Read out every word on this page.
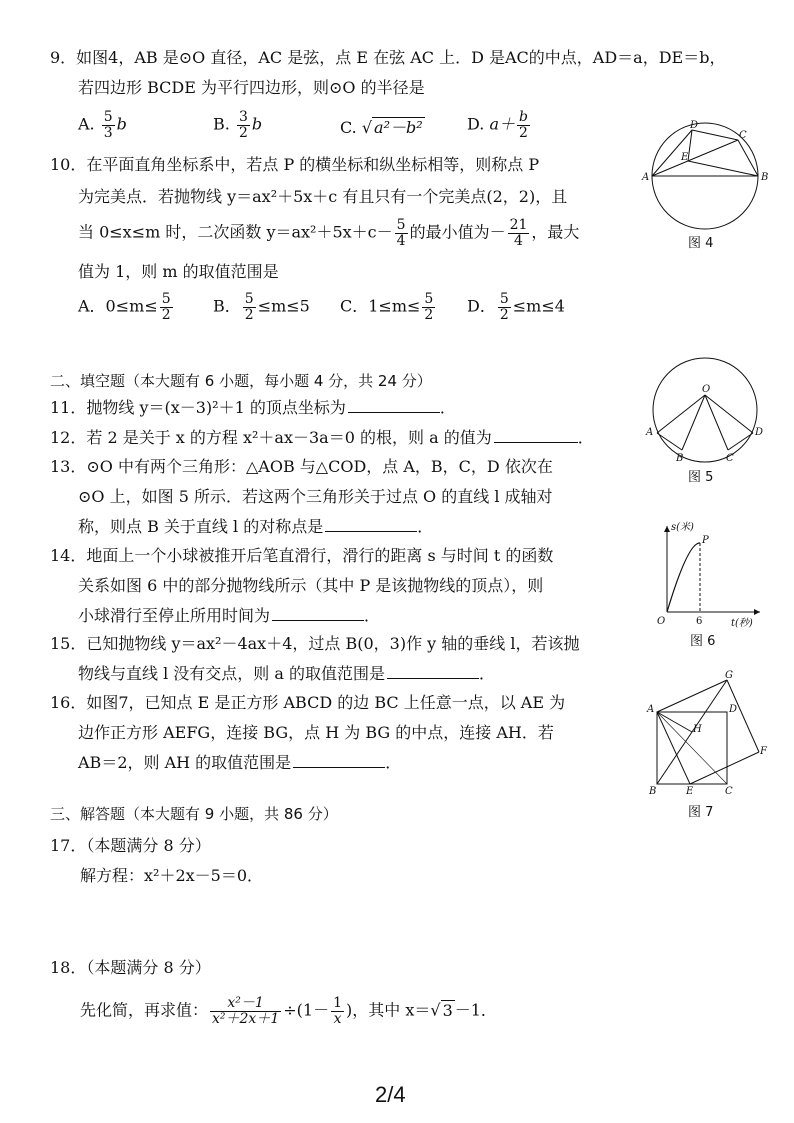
9．如图4，AB 是⊙O 直径，AC 是弦，点 E 在弦 AC 上．D 是AC的中点，AD＝a，DE＝b，
若四边形 BCDE 为平行四边形，则⊙O 的半径是
A. $\frac{5}{3}$ b	B. $\frac{3}{2}$ b	C. √ a²－b²	D. $a+ \frac{b}{2}$
10．在平面直角坐标系中，若点 P 的横坐标和纵坐标相等，则称点 P
为完美点．若抛物线 y＝ax²＋5x＋c 有且只有一个完美点(2，2)，且
当 0≤x≤m 时，二次函数 $y=ax^2+5x+c- \frac{5}{4}$ 的最小值为－ $\frac{21}{4}$ ，最大
值为 1，则 m 的取值范围是
A．$0\le m\le \frac{5}{2}$	B． $\frac{5}{2} \le m\le 5$ C．$1\le m\le \frac{5}{2}$ D． $\frac{5}{2} \le m\le 4$
二、填空题（本大题有 6 小题，每小题 4 分，共 24 分）
11．抛物线 y＝(x－3)²＋1 的顶点坐标为	．
12．若 2 是关于 x 的方程 x²＋ax－3a＝0 的根，则 a 的值为	．
13．⊙O 中有两个三角形：△AOB 与△COD，点 A，B，C，D 依次在
⊙O 上，如图 5 所示．若这两个三角形关于过点 O 的直线 l 成轴对
称，则点 B 关于直线 l 的对称点是	．
14．地面上一个小球被推开后笔直滑行，滑行的距离 s 与时间 t 的函数
关系如图 6 中的部分抛物线所示（其中 P 是该抛物线的顶点），则
小球滑行至停止所用时间为	．
15．已知抛物线 y＝ax²－4ax＋4，过点 B(0，3)作 y 轴的垂线 l，若该抛
物线与直线 l 没有交点，则 a 的取值范围是	．
16．如图7，已知点 E 是正方形 ABCD 的边 BC 上任意一点，以 AE 为
边作正方形 AEFG，连接 BG，点 H 为 BG 的中点，连接 AH．若
AB＝2，则 AH 的取值范围是	．
三、解答题（本大题有 9 小题，共 86 分）
17．（本题满分 8 分）
解方程：x²＋2x－5＝0．
18．（本题满分 8 分）
先化简，再求值： $\frac{\text{x²－1}}{\text{x²＋2x＋1}} \div(1- \frac{1}{x}$ )，其中 x＝√ 3 －1．
A	B
C
D
E
图 4
O
A
B	C
D
图 5
s(米)
t(秒)
O	6
P
图 6
A
B	C
D
E
F
G
H
图 7
2/4
